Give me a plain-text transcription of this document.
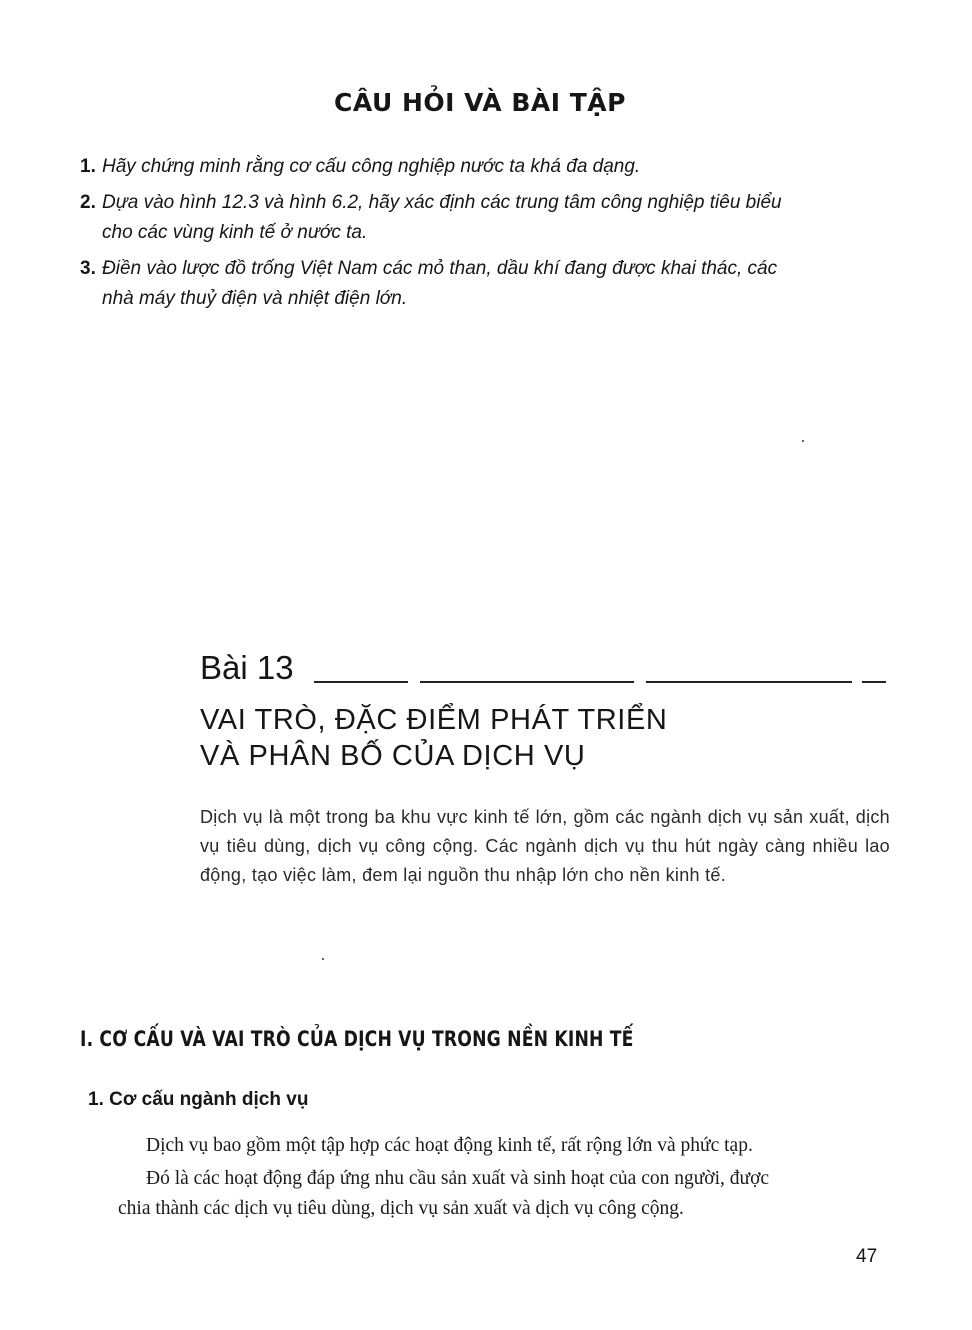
CÂU HỎI VÀ BÀI TẬP
1. Hãy chứng minh rằng cơ cấu công nghiệp nước ta khá đa dạng.
2. Dựa vào hình 12.3 và hình 6.2, hãy xác định các trung tâm công nghiệp tiêu biểu
cho các vùng kinh tế ở nước ta.
3. Điền vào lược đồ trống Việt Nam các mỏ than, dầu khí đang được khai thác, các
nhà máy thuỷ điện và nhiệt điện lớn.
Bài 13
VAI TRÒ, ĐẶC ĐIỂM PHÁT TRIỂN
VÀ PHÂN BỐ CỦA DỊCH VỤ
Dịch vụ là một trong ba khu vực kinh tế lớn, gồm các ngành dịch vụ sản xuất, dịch vụ tiêu dùng, dịch vụ công cộng. Các ngành dịch vụ thu hút ngày càng nhiều lao động, tạo việc làm, đem lại nguồn thu nhập lớn cho nền kinh tế.
I. CƠ CẤU VÀ VAI TRÒ CỦA DỊCH VỤ TRONG NỀN KINH TẾ
1. Cơ cấu ngành dịch vụ
Dịch vụ bao gồm một tập hợp các hoạt động kinh tế, rất rộng lớn và phức tạp.
Đó là các hoạt động đáp ứng nhu cầu sản xuất và sinh hoạt của con người, được
chia thành các dịch vụ tiêu dùng, dịch vụ sản xuất và dịch vụ công cộng.
47
